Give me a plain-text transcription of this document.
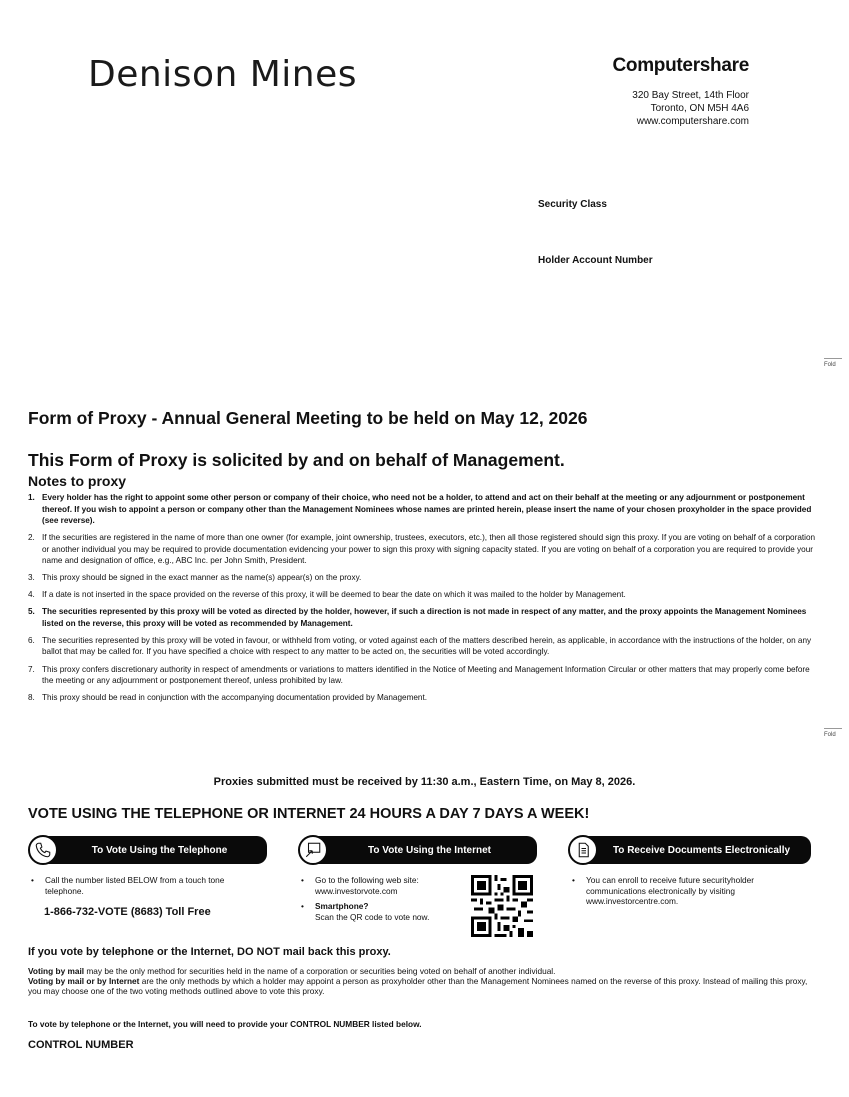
Denison Mines	Computershare
320 Bay Street, 14th Floor
Toronto, ON M5H 4A6
www.computershare.com
Security Class
Holder Account Number
Fold
Fold
Form of Proxy - Annual General Meeting to be held on May 12, 2026
This Form of Proxy is solicited by and on behalf of Management.
Notes to proxy
1. Every holder has the right to appoint some other person or company of their choice, who need not be a holder, to attend and act on their behalf at the meeting or any adjournment or postponement thereof. If you wish to appoint a person or company other than the Management Nominees whose names are printed herein, please insert the name of your chosen proxyholder in the space provided (see reverse).
2. If the securities are registered in the name of more than one owner (for example, joint ownership, trustees, executors, etc.), then all those registered should sign this proxy. If you are voting on behalf of a corporation or another individual you may be required to provide documentation evidencing your power to sign this proxy with signing capacity stated. If you are voting on behalf of a corporation you are required to provide your name and designation of office, e.g., ABC Inc. per John Smith, President.
3. This proxy should be signed in the exact manner as the name(s) appear(s) on the proxy.
4. If a date is not inserted in the space provided on the reverse of this proxy, it will be deemed to bear the date on which it was mailed to the holder by Management.
5. The securities represented by this proxy will be voted as directed by the holder, however, if such a direction is not made in respect of any matter, and the proxy appoints the Management Nominees listed on the reverse, this proxy will be voted as recommended by Management.
6. The securities represented by this proxy will be voted in favour, or withheld from voting, or voted against each of the matters described herein, as applicable, in accordance with the instructions of the holder, on any ballot that may be called for. If you have specified a choice with respect to any matter to be acted on, the securities will be voted accordingly.
7. This proxy confers discretionary authority in respect of amendments or variations to matters identified in the Notice of Meeting and Management Information Circular or other matters that may properly come before the meeting or any adjournment or postponement thereof, unless prohibited by law.
8. This proxy should be read in conjunction with the accompanying documentation provided by Management.
Proxies submitted must be received by 11:30 a.m., Eastern Time, on May 8, 2026.
VOTE USING THE TELEPHONE OR INTERNET 24 HOURS A DAY 7 DAYS A WEEK!
To Vote Using the Telephone	To Vote Using the Internet	To Receive Documents Electronically
•	Call the number listed BELOW from a touch tone telephone.
1-866-732-VOTE (8683) Toll Free
•	Go to the following web site: www.investorvote.com
•	Smartphone?
Scan the QR code to vote now.
•	You can enroll to receive future securityholder communications electronically by visiting www.investorcentre.com.
If you vote by telephone or the Internet, DO NOT mail back this proxy.
Voting by mail may be the only method for securities held in the name of a corporation or securities being voted on behalf of another individual.
Voting by mail or by Internet are the only methods by which a holder may appoint a person as proxyholder other than the Management Nominees named on the reverse of this proxy. Instead of mailing this proxy, you may choose one of the two voting methods outlined above to vote this proxy.
To vote by telephone or the Internet, you will need to provide your CONTROL NUMBER listed below.
CONTROL NUMBER
